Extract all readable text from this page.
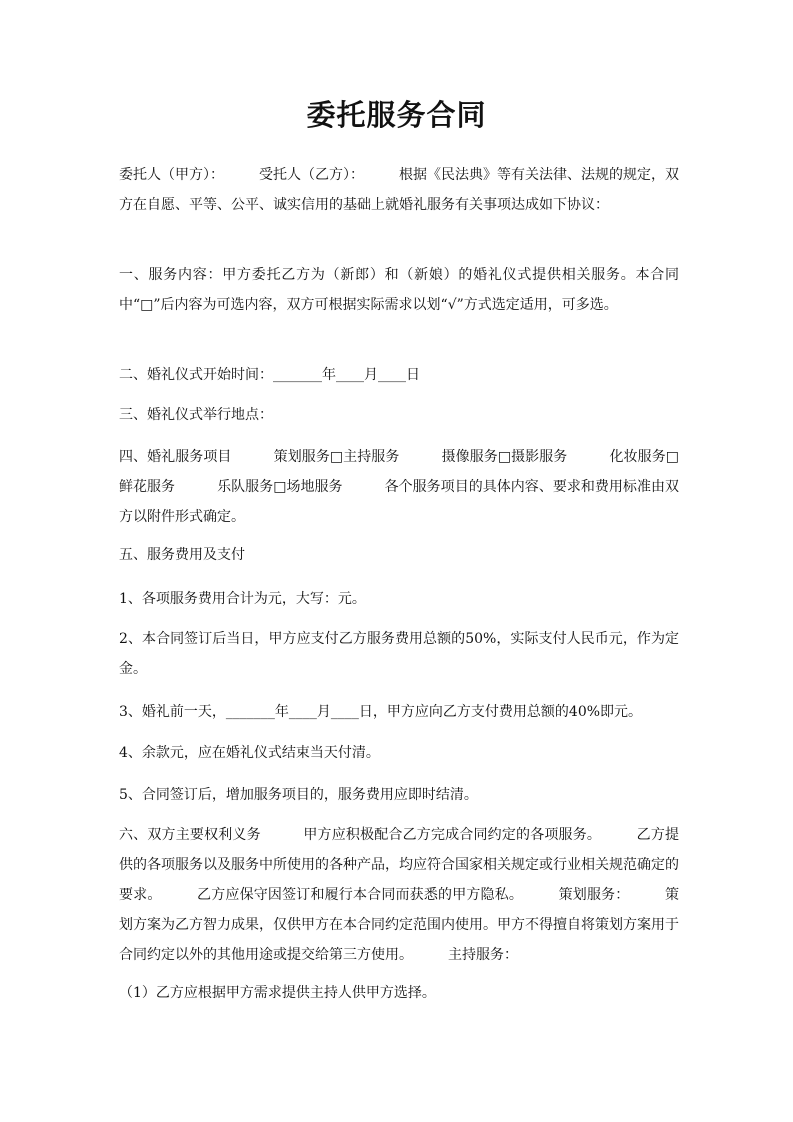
委托服务合同

委托人（甲方）：　　　受托人（乙方）：　　　根据《民法典》等有关法律、法规的规定，双方在自愿、平等、公平、诚实信用的基础上就婚礼服务有关事项达成如下协议：

一、服务内容：甲方委托乙方为（新郎）和（新娘）的婚礼仪式提供相关服务。本合同中“□”后内容为可选内容，双方可根据实际需求以划“√”方式选定适用，可多选。

二、婚礼仪式开始时间：_______年____月____日

三、婚礼仪式举行地点：

四、婚礼服务项目　　　策划服务□主持服务　　　摄像服务□摄影服务　　　化妆服务□鲜花服务　　　乐队服务□场地服务　　　各个服务项目的具体内容、要求和费用标准由双方以附件形式确定。

五、服务费用及支付

1、各项服务费用合计为元，大写：元。

2、本合同签订后当日，甲方应支付乙方服务费用总额的50%，实际支付人民币元，作为定金。

3、婚礼前一天，_______年____月____日，甲方应向乙方支付费用总额的40%即元。

4、余款元，应在婚礼仪式结束当天付清。

5、合同签订后，增加服务项目的，服务费用应即时结清。

六、双方主要权利义务　　　甲方应积极配合乙方完成合同约定的各项服务。　　　乙方提供的各项服务以及服务中所使用的各种产品，均应符合国家相关规定或行业相关规范确定的要求。　　　乙方应保守因签订和履行本合同而获悉的甲方隐私。　　　策划服务：　　　策划方案为乙方智力成果，仅供甲方在本合同约定范围内使用。甲方不得擅自将策划方案用于合同约定以外的其他用途或提交给第三方使用。　　　主持服务：

（1）乙方应根据甲方需求提供主持人供甲方选择。
